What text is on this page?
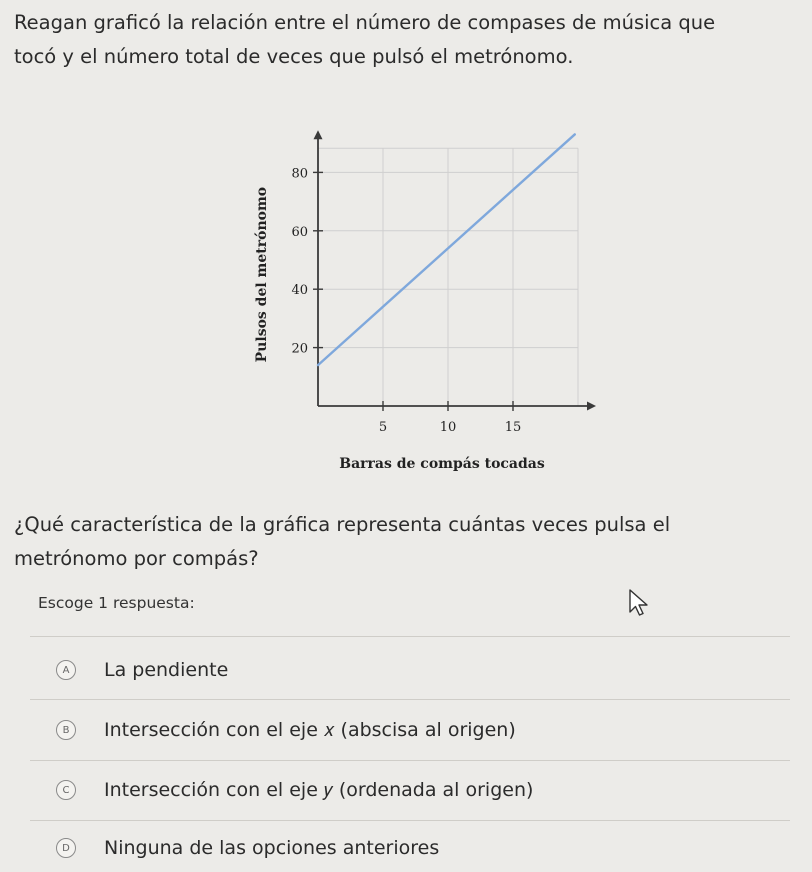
Reagan graficó la relación entre el número de compases de música que
tocó y el número total de veces que pulsó el metrónomo.

5	10	15
20
40
60
80
Barras de compás tocadas
Pulsos del metrónomo

¿Qué característica de la gráfica representa cuántas veces pulsa el
metrónomo por compás?

Escoge 1 respuesta:
A	La pendiente
B	Intersección con el eje 𝑥 (abscisa al origen)
C	Intersección con el eje 𝑦 (ordenada al origen)
D	Ninguna de las opciones anteriores
